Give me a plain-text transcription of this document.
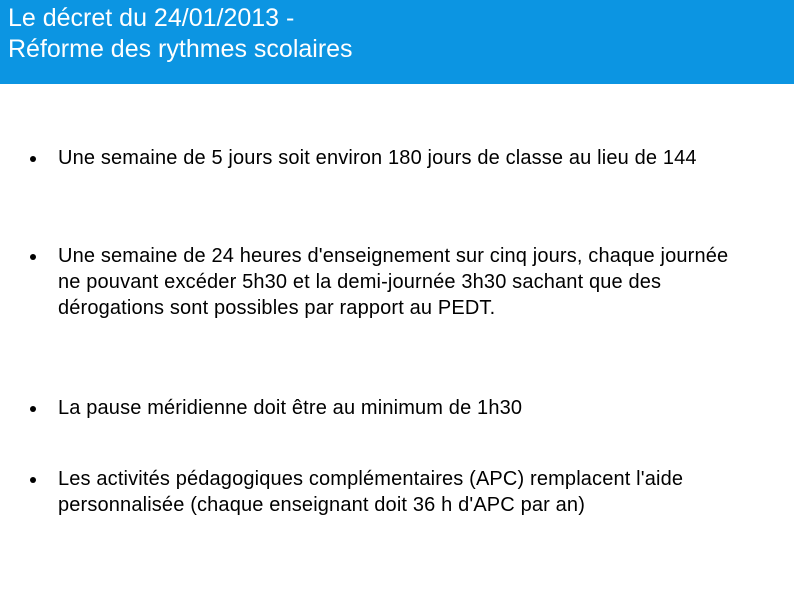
Le décret du 24/01/2013 -
Réforme des rythmes scolaires
Une semaine de 5 jours soit environ 180 jours de classe au lieu de 144
Une semaine de 24 heures d'enseignement sur cinq jours, chaque journée ne pouvant excéder 5h30 et la demi-journée 3h30 sachant que des dérogations sont possibles par rapport au PEDT.
La pause méridienne doit être au minimum de 1h30
Les activités pédagogiques complémentaires (APC) remplacent l'aide personnalisée (chaque enseignant doit 36 h d'APC par an)
